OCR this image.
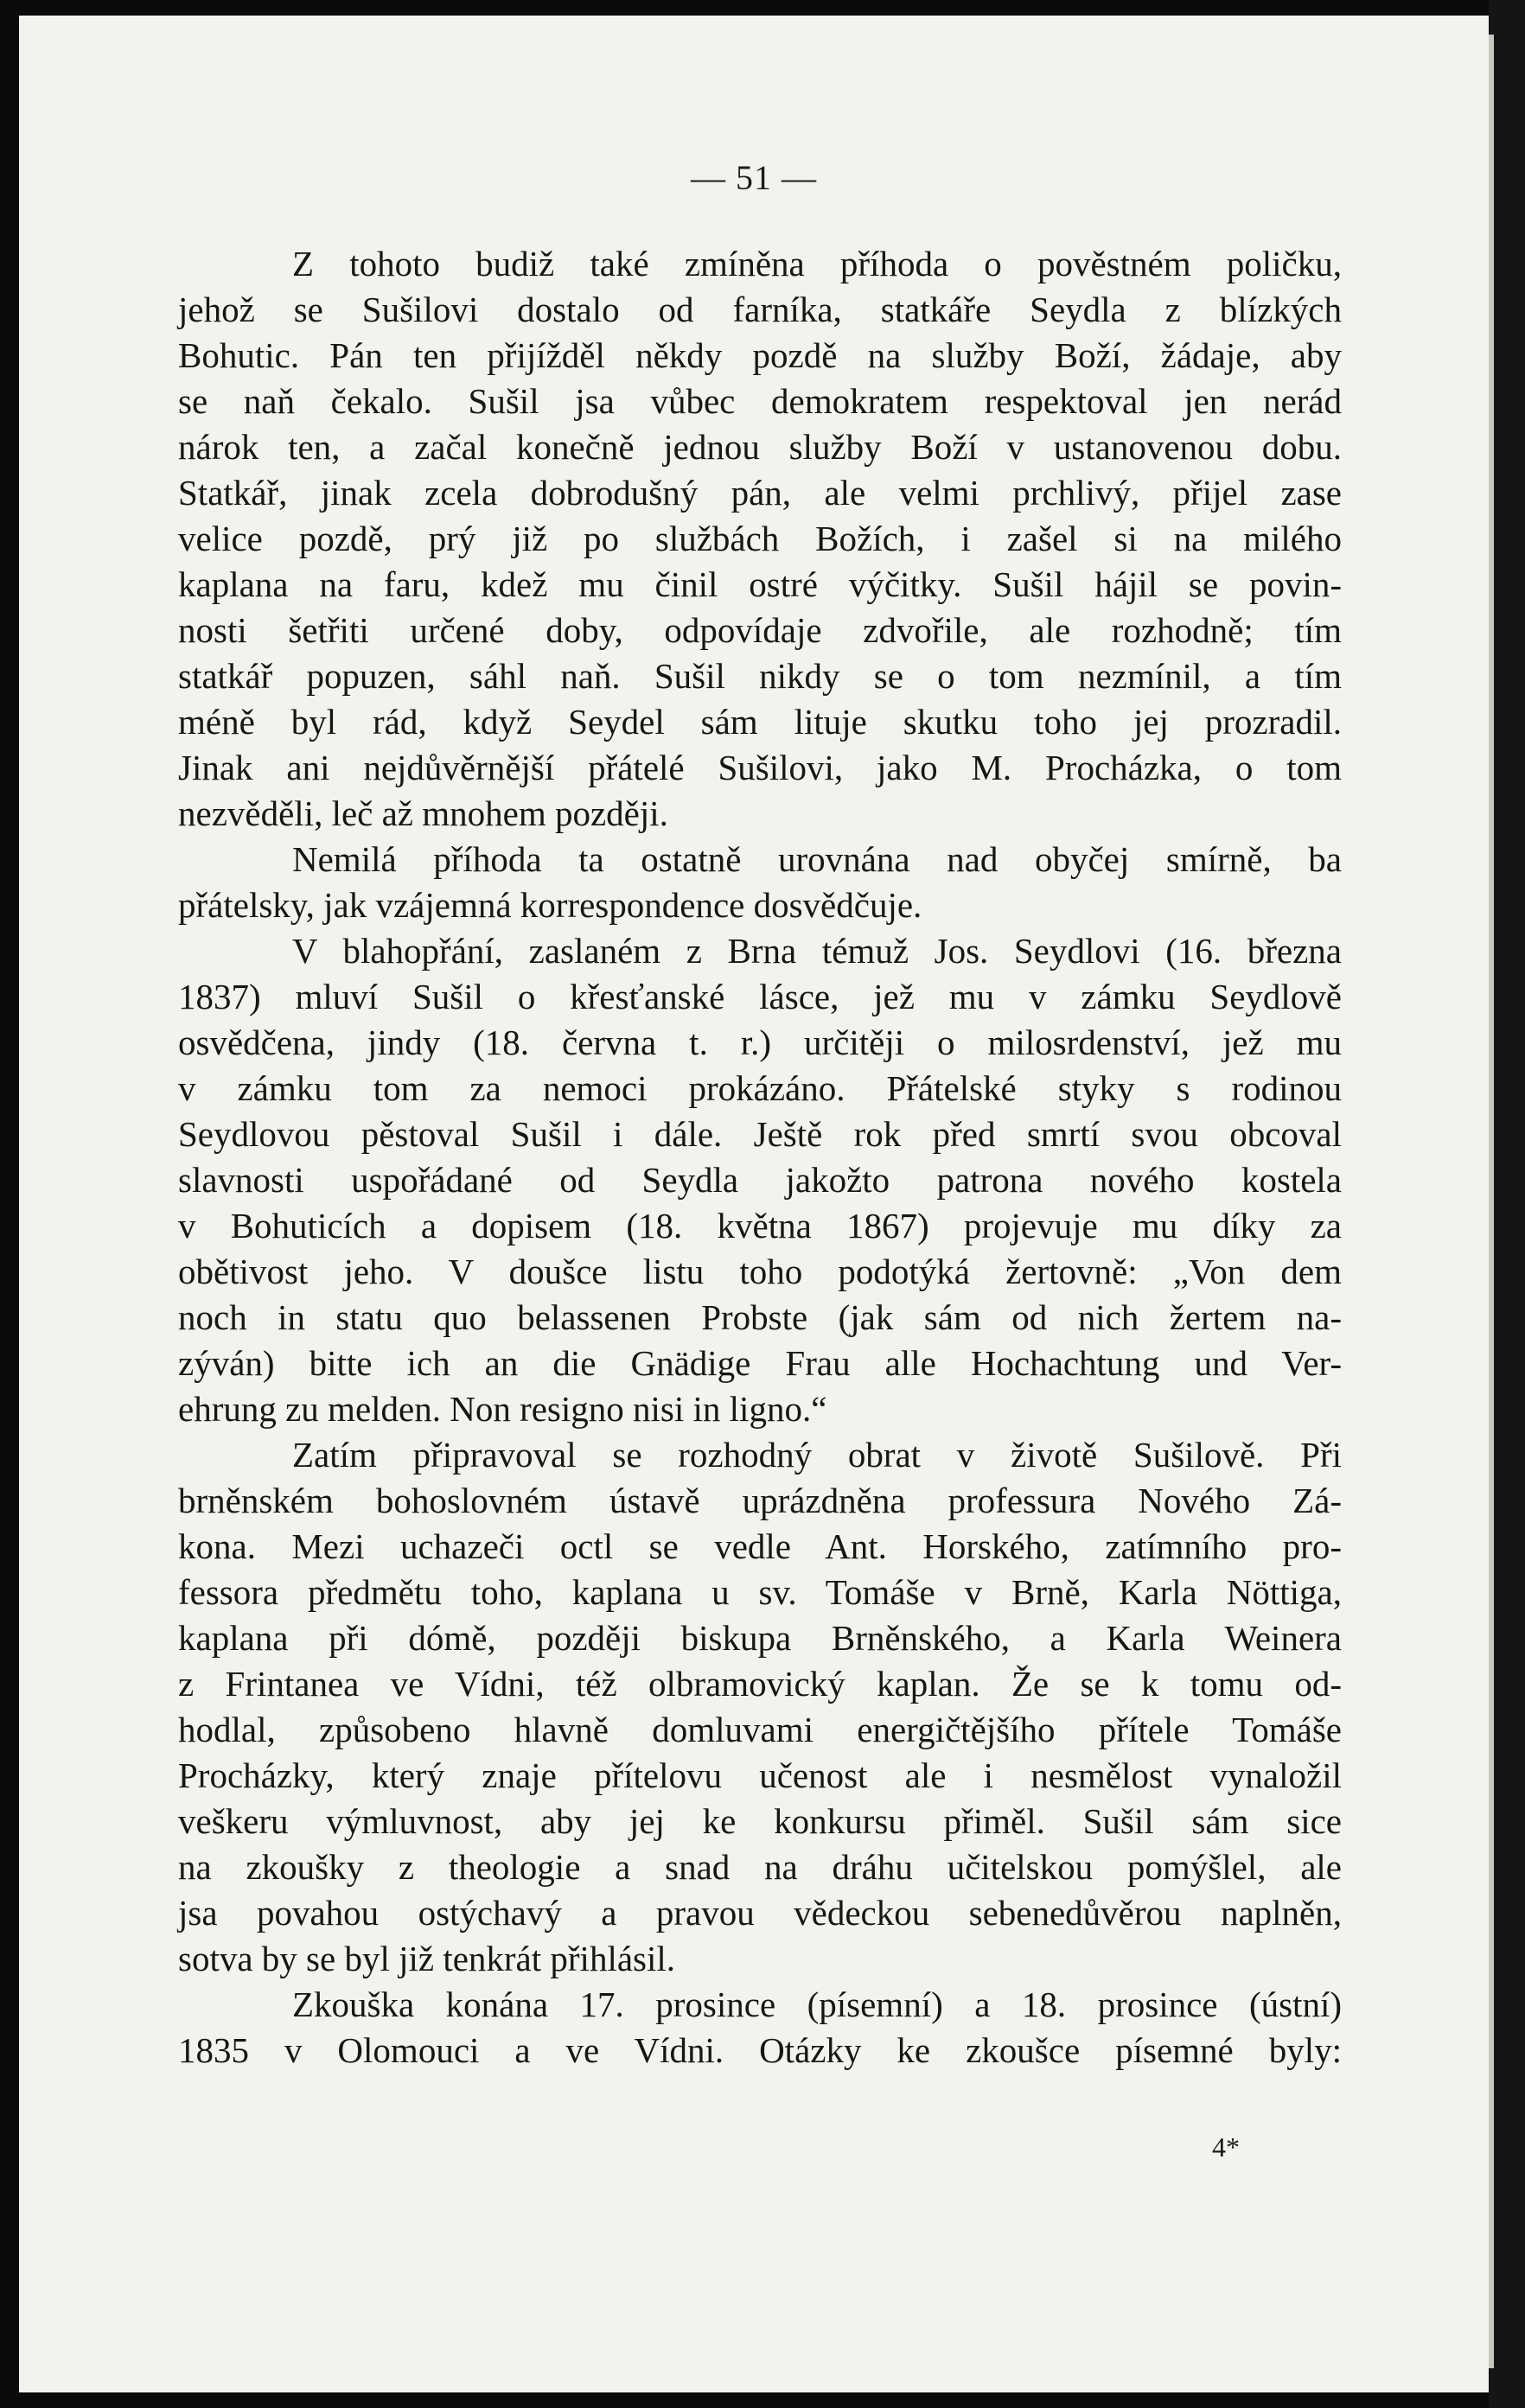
— 51 —
Z tohoto budiž také zmíněna příhoda o pověstném poličku,
jehož se Sušilovi dostalo od farníka, statkáře Seydla z blízkých
Bohutic. Pán ten přijížděl někdy pozdě na služby Boží, žádaje, aby
se naň čekalo. Sušil jsa vůbec demokratem respektoval jen nerád
nárok ten, a začal konečně jednou služby Boží v ustanovenou dobu.
Statkář, jinak zcela dobrodušný pán, ale velmi prchlivý, přijel zase
velice pozdě, prý již po službách Božích, i zašel si na milého
kaplana na faru, kdež mu činil ostré výčitky. Sušil hájil se povin-
nosti šetřiti určené doby, odpovídaje zdvořile, ale rozhodně; tím
statkář popuzen, sáhl naň. Sušil nikdy se o tom nezmínil, a tím
méně byl rád, když Seydel sám lituje skutku toho jej prozradil.
Jinak ani nejdůvěrnější přátelé Sušilovi, jako M. Procházka, o tom
nezvěděli, leč až mnohem později.
Nemilá příhoda ta ostatně urovnána nad obyčej smírně, ba
přátelsky, jak vzájemná korrespondence dosvědčuje.
V blahopřání, zaslaném z Brna témuž Jos. Seydlovi (16. března
1837) mluví Sušil o křesťanské lásce, jež mu v zámku Seydlově
osvědčena, jindy (18. června t. r.) určitěji o milosrdenství, jež mu
v zámku tom za nemoci prokázáno. Přátelské styky s rodinou
Seydlovou pěstoval Sušil i dále. Ještě rok před smrtí svou obcoval
slavnosti uspořádané od Seydla jakožto patrona nového kostela
v Bohuticích a dopisem (18. května 1867) projevuje mu díky za
obětivost jeho. V doušce listu toho podotýká žertovně: „Von dem
noch in statu quo belassenen Probste (jak sám od nich žertem na-
zýván) bitte ich an die Gnädige Frau alle Hochachtung und Ver-
ehrung zu melden. Non resigno nisi in ligno.“
Zatím připravoval se rozhodný obrat v životě Sušilově. Při
brněnském bohoslovném ústavě uprázdněna professura Nového Zá-
kona. Mezi uchazeči octl se vedle Ant. Horského, zatímního pro-
fessora předmětu toho, kaplana u sv. Tomáše v Brně, Karla Nöttiga,
kaplana při dómě, později biskupa Brněnského, a Karla Weinera
z Frintanea ve Vídni, též olbramovický kaplan. Že se k tomu od-
hodlal, způsobeno hlavně domluvami energičtějšího přítele Tomáše
Procházky, který znaje přítelovu učenost ale i nesmělost vynaložil
veškeru výmluvnost, aby jej ke konkursu přiměl. Sušil sám sice
na zkoušky z theologie a snad na dráhu učitelskou pomýšlel, ale
jsa povahou ostýchavý a pravou vědeckou sebenedůvěrou naplněn,
sotva by se byl již tenkrát přihlásil.
Zkouška konána 17. prosince (písemní) a 18. prosince (ústní)
1835 v Olomouci a ve Vídni. Otázky ke zkoušce písemné byly:
4*
